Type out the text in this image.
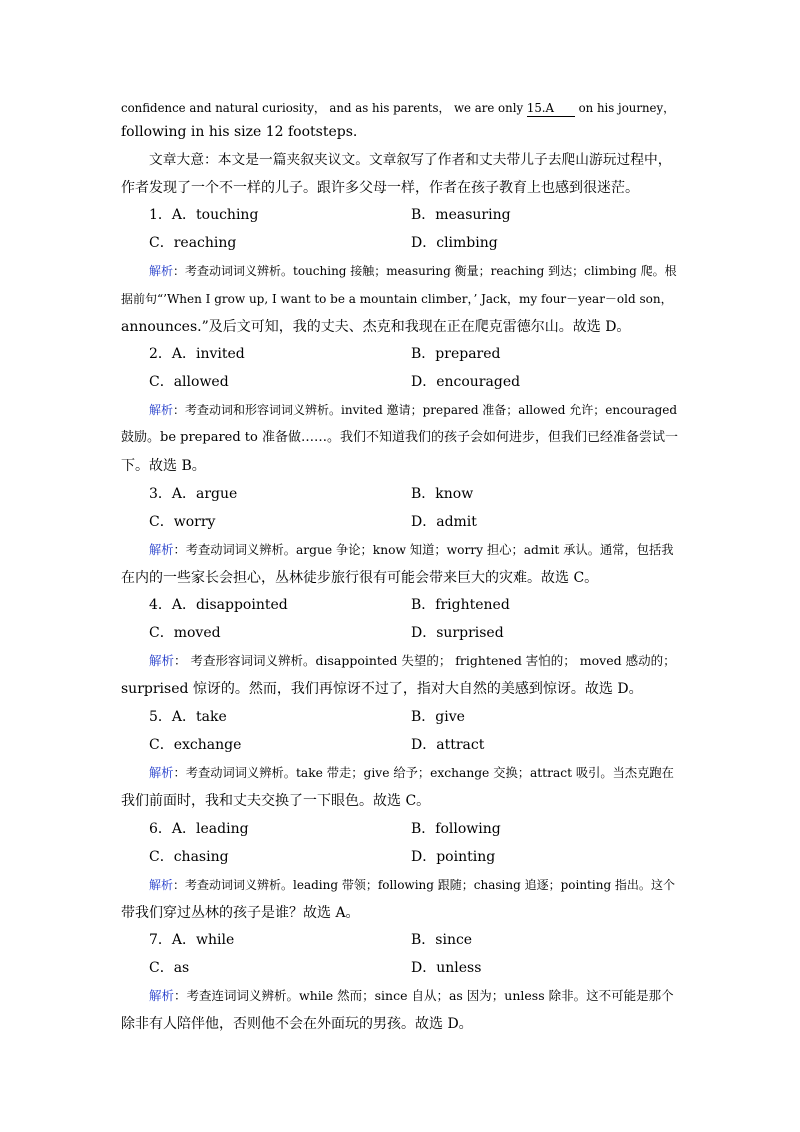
confidence and natural curiosity， and as his parents， we are only 15.A on his journey，
following in his size 12 footsteps.
文章大意：本文是一篇夹叙夹议文。文章叙写了作者和丈夫带儿子去爬山游玩过程中，
作者发现了一个不一样的儿子。跟许多父母一样，作者在孩子教育上也感到很迷茫。
1．A．touching	B．measuring
C．reaching	D．climbing
解析：考查动词词义辨析。touching 接触；measuring 衡量；reaching 到达；climbing 爬。根
据前句“’When I grow up, I want to be a mountain climber，’ Jack，my four－year－old son，
announces.”及后文可知，我的丈夫、杰克和我现在正在爬克雷德尔山。故选 D。
2．A．invited	B．prepared
C．allowed	D．encouraged
解析：考查动词和形容词词义辨析。invited 邀请；prepared 准备；allowed 允许；encouraged
鼓励。be prepared to 准备做……。我们不知道我们的孩子会如何进步，但我们已经准备尝试一
下。故选 B。
3．A．argue	B．know
C．worry	D．admit
解析：考查动词词义辨析。argue 争论；know 知道；worry 担心；admit 承认。通常，包括我
在内的一些家长会担心，丛林徒步旅行很有可能会带来巨大的灾难。故选 C。
4．A．disappointed	B．frightened
C．moved	D．surprised
解析： 考查形容词词义辨析。disappointed 失望的； frightened 害怕的； moved 感动的；
surprised 惊讶的。然而，我们再惊讶不过了，指对大自然的美感到惊讶。故选 D。
5．A．take	B．give
C．exchange	D．attract
解析：考查动词词义辨析。take 带走；give 给予；exchange 交换；attract 吸引。当杰克跑在
我们前面时，我和丈夫交换了一下眼色。故选 C。
6．A．leading	B．following
C．chasing	D．pointing
解析：考查动词词义辨析。leading 带领；following 跟随；chasing 追逐；pointing 指出。这个
带我们穿过丛林的孩子是谁？故选 A。
7．A．while	B．since
C．as	D．unless
解析：考查连词词义辨析。while 然而；since 自从；as 因为；unless 除非。这不可能是那个
除非有人陪伴他，否则他不会在外面玩的男孩。故选 D。
